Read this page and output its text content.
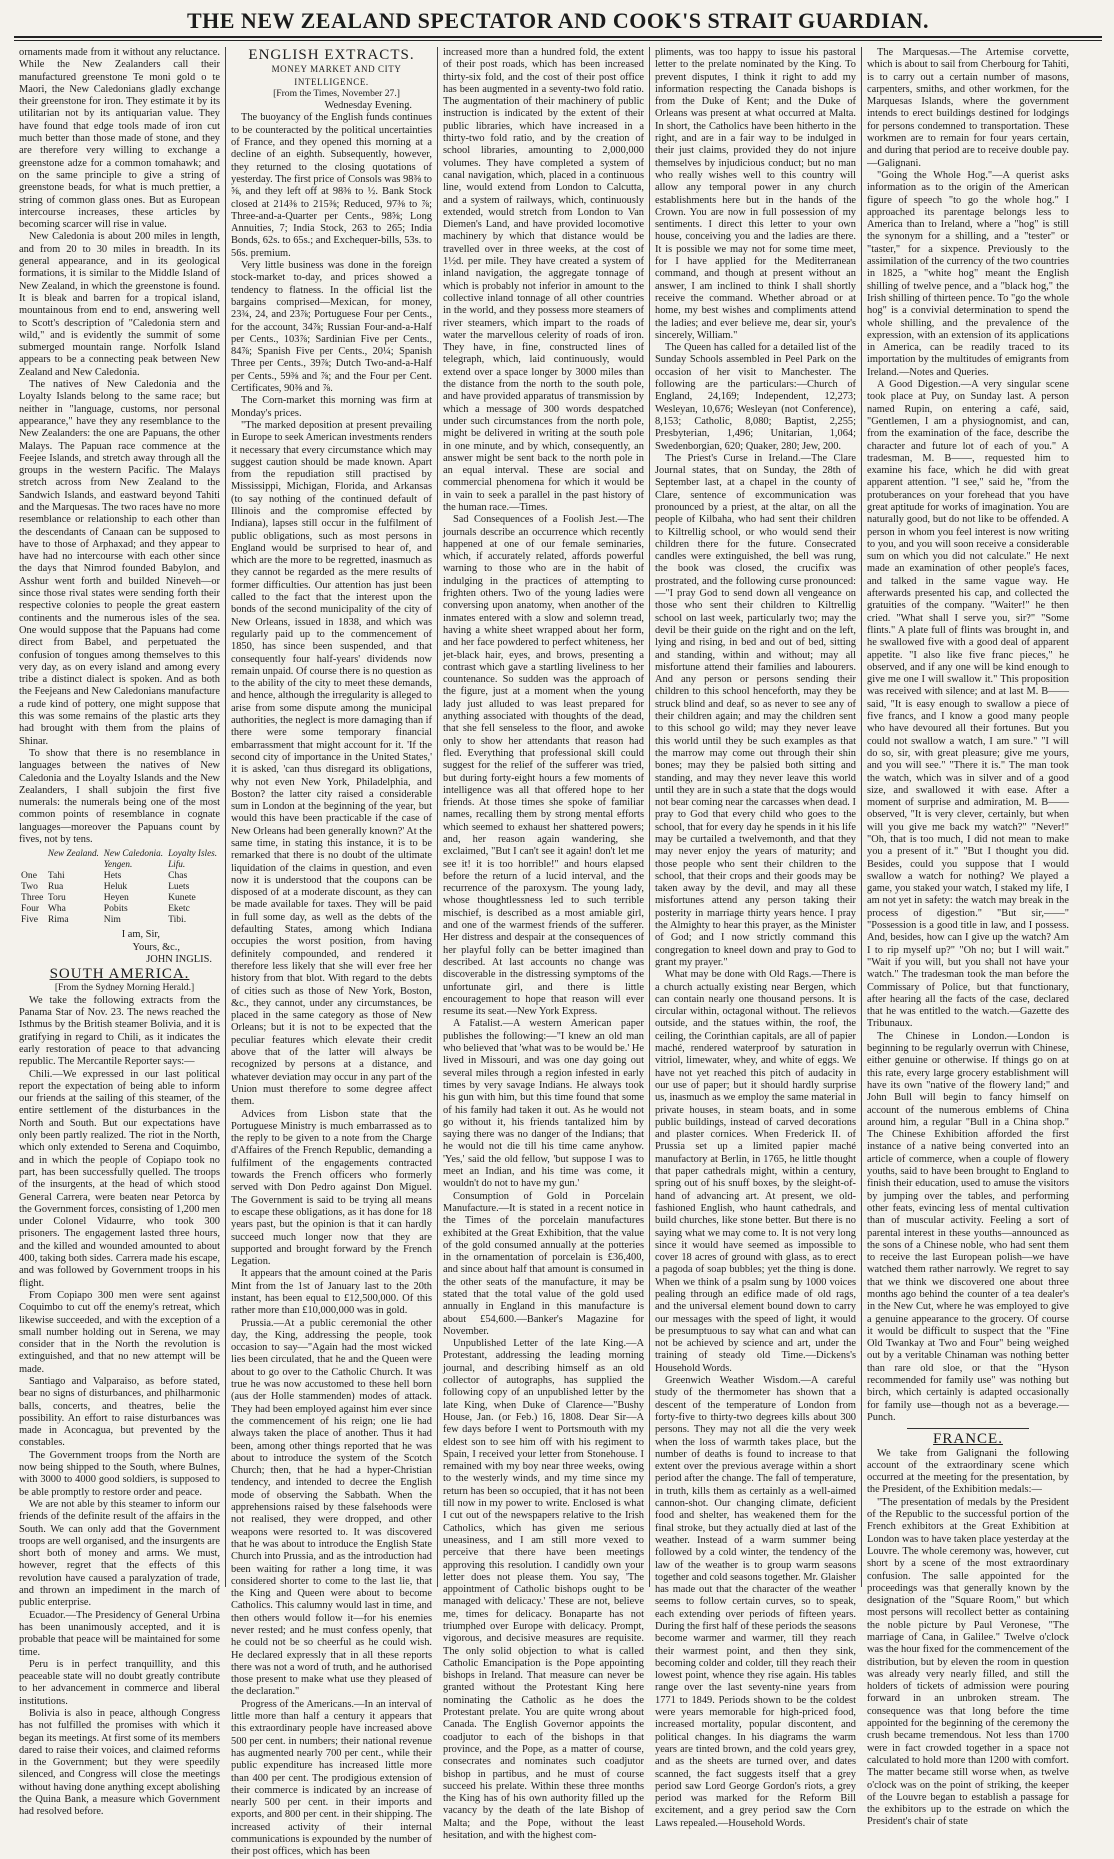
THE NEW ZEALAND SPECTATOR AND COOK'S STRAIT GUARDIAN.

ornaments made from it without any reluctance. While the New Zealanders call their manufactured greenstone Te moni gold o te Maori, the New Caledonians gladly exchange their greenstone for iron. They estimate it by its utilitarian not by its antiquarian value. They have found that edge tools made of iron cut much better than those made of stone, and they are therefore very willing to exchange a greenstone adze for a common tomahawk; and on the same principle to give a string of greenstone beads, for what is much prettier, a string of common glass ones. But as European intercourse increases, these articles by becoming scarcer will rise in value.

New Caledonia is about 200 miles in length, and from 20 to 30 miles in breadth. In its general appearance, and in its geological formations, it is similar to the Middle Island of New Zealand, in which the greenstone is found. It is bleak and barren for a tropical island, mountainous from end to end, answering well to Scott's description of "Caledonia stern and wild," and is evidently the summit of some submerged mountain range. Norfolk Island appears to be a connecting peak between New Zealand and New Caledonia.

The natives of New Caledonia and the Loyalty Islands belong to the same race; but neither in "language, customs, nor personal appearance," have they any resemblance to the New Zealanders: the one are Papuans, the other Malays. The Papuan race commence at the Feejee Islands, and stretch away through all the groups in the western Pacific. The Malays stretch across from New Zealand to the Sandwich Islands, and eastward beyond Tahiti and the Marquesas. The two races have no more resemblance or relationship to each other than the descendants of Canaan can be supposed to have to those of Arphaxad; and they appear to have had no intercourse with each other since the days that Nimrod founded Babylon, and Asshur went forth and builded Nineveh—or since those rival states were sending forth their respective colonies to people the great eastern continents and the numerous isles of the sea. One would suppose that the Papuans had come direct from Babel, and perpetuated the confusion of tongues among themselves to this very day, as on every island and among every tribe a distinct dialect is spoken. And as both the Feejeans and New Caledonians manufacture a rude kind of pottery, one might suppose that this was some remains of the plastic arts they had brought with them from the plains of Shinar.

To show that there is no resemblance in languages between the natives of New Caledonia and the Loyalty Islands and the New Zealanders, I shall subjoin the first five numerals: the numerals being one of the most common points of resemblance in cognate languages—moreover the Papuans count by fives, not by tens.

	New Zealand.	New Caledonia.	Loyalty Isles.
		Yengen.	Lifu.
One	Tahi	Hets	Chas
Two	Rua	Heluk	Luets
Three	Toru	Heyen	Kunete
Four	Wha	Pobits	Eketc
Five	Rima	Nim	Tibi.

I am, Sir,

Yours, &c.,

JOHN INGLIS.

SOUTH AMERICA.

[From the Sydney Morning Herald.]

We take the following extracts from the Panama Star of Nov. 23. The news reached the Isthmus by the British steamer Bolivia, and it is gratifying in regard to Chili, as it indicates the early restoration of peace to that advancing republic. The Mercantile Reporter says:—

Chili.—We expressed in our last political report the expectation of being able to inform our friends at the sailing of this steamer, of the entire settlement of the disturbances in the North and South. But our expectations have only been partly realized. The riot in the North, which only extended to Serena and Coquimbo, and in which the people of Copiapo took no part, has been successfully quelled. The troops of the insurgents, at the head of which stood General Carrera, were beaten near Petorca by the Government forces, consisting of 1,200 men under Colonel Vidaurre, who took 300 prisoners. The engagement lasted three hours, and the killed and wounded amounted to about 400, taking both sides. Carrera made his escape, and was followed by Government troops in his flight.

From Copiapo 300 men were sent against Coquimbo to cut off the enemy's retreat, which likewise succeeded, and with the exception of a small number holding out in Serena, we may consider that in the North the revolution is extinguished, and that no new attempt will be made.

Santiago and Valparaiso, as before stated, bear no signs of disturbances, and philharmonic balls, concerts, and theatres, belie the possibility. An effort to raise disturbances was made in Aconcagua, but prevented by the constables.

The Government troops from the North are now being shipped to the South, where Bulnes, with 3000 to 4000 good soldiers, is supposed to be able promptly to restore order and peace.

We are not able by this steamer to inform our friends of the definite result of the affairs in the South. We can only add that the Government troops are well organised, and the insurgents are short both of money and arms. We must, however, regret that the effects of this revolution have caused a paralyzation of trade, and thrown an impediment in the march of public enterprise.

Ecuador.—The Presidency of General Urbina has been unanimously accepted, and it is probable that peace will be maintained for some time.

Peru is in perfect tranquillity, and this peaceable state will no doubt greatly contribute to her advancement in commerce and liberal institutions.

Bolivia is also in peace, although Congress has not fulfilled the promises with which it began its meetings. At first some of its members dared to raise their voices, and claimed reforms in the Government; but they were speedily silenced, and Congress will close the meetings without having done anything except abolishing the Quina Bank, a measure which Government had resolved before.

ENGLISH EXTRACTS.

MONEY MARKET AND CITY INTELLIGENCE.

[From the Times, November 27.]

Wednesday Evening.

The buoyancy of the English funds continues to be counteracted by the political uncertainties of France, and they opened this morning at a decline of an eighth. Subsequently, however, they returned to the closing quotations of yesterday. The first price of Consols was 98⅜ to ⅝, and they left off at 98⅜ to ½. Bank Stock closed at 214⅜ to 215⅜; Reduced, 97⅜ to ⅞; Three-and-a-Quarter per Cents., 98⅝; Long Annuities, 7; India Stock, 263 to 265; India Bonds, 62s. to 65s.; and Exchequer-bills, 53s. to 56s. premium.

Very little business was done in the foreign stock-market to-day, and prices showed a tendency to flatness. In the official list the bargains comprised—Mexican, for money, 23¾, 24, and 23⅞; Portuguese Four per Cents., for the account, 34⅞; Russian Four-and-a-Half per Cents., 103⅞; Sardinian Five per Cents., 84⅞; Spanish Five per Cents., 20¼; Spanish Three per Cents., 39⅞; Dutch Two-and-a-Half per Cents., 59⅜ and ⅞; and the Four per Cent. Certificates, 90⅜ and ⅞.

The Corn-market this morning was firm at Monday's prices.

"The marked deposition at present prevailing in Europe to seek American investments renders it necessary that every circumstance which may suggest caution should be made known. Apart from the repudiation still practised by Mississippi, Michigan, Florida, and Arkansas (to say nothing of the continued default of Illinois and the compromise effected by Indiana), lapses still occur in the fulfilment of public obligations, such as most persons in England would be surprised to hear of, and which are the more to be regretted, inasmuch as they cannot be regarded as the mere results of former difficulties. Our attention has just been called to the fact that the interest upon the bonds of the second municipality of the city of New Orleans, issued in 1838, and which was regularly paid up to the commencement of 1850, has since been suspended, and that consequently four half-years' dividends now remain unpaid. Of course there is no question as to the ability of the city to meet these demands, and hence, although the irregularity is alleged to arise from some dispute among the municipal authorities, the neglect is more damaging than if there were some temporary financial embarrassment that might account for it. 'If the second city of importance in the United States,' it is asked, 'can thus disregard its obligations, why not even New York, Philadelphia, and Boston? the latter city raised a considerable sum in London at the beginning of the year, but would this have been practicable if the case of New Orleans had been generally known?' At the same time, in stating this instance, it is to be remarked that there is no doubt of the ultimate liquidation of the claims in question, and even now it is understood that the coupons can be disposed of at a moderate discount, as they can be made available for taxes. They will be paid in full some day, as well as the debts of the defaulting States, among which Indiana occupies the worst position, from having definitely compounded, and rendered it therefore less likely that she will ever free her history from that blot. With regard to the debts of cities such as those of New York, Boston, &c., they cannot, under any circumstances, be placed in the same category as those of New Orleans; but it is not to be expected that the peculiar features which elevate their credit above that of the latter will always be recognized by persons at a distance, and whatever deviation may occur in any part of the Union must therefore to some degree affect them.

Advices from Lisbon state that the Portuguese Ministry is much embarrassed as to the reply to be given to a note from the Charge d'Affaires of the French Republic, demanding a fulfilment of the engagements contracted towards the French officers who formerly served with Don Pedro against Don Miguel. The Government is said to be trying all means to escape these obligations, as it has done for 18 years past, but the opinion is that it can hardly succeed much longer now that they are supported and brought forward by the French Legation.

It appears that the amount coined at the Paris Mint from the 1st of January last to the 20th instant, has been equal to £12,500,000. Of this rather more than £10,000,000 was in gold.

Prussia.—At a public ceremonial the other day, the King, addressing the people, took occasion to say—"Again had the most wicked lies been circulated, that he and the Queen were about to go over to the Catholic Church. It was true he was now accustomed to these hell born (aus der Holle stammenden) modes of attack. They had been employed against him ever since the commencement of his reign; one lie had always taken the place of another. Thus it had been, among other things reported that he was about to introduce the system of the Scotch Church; then, that he had a hyper-Christian tendency, and intended to decree the English mode of observing the Sabbath. When the apprehensions raised by these falsehoods were not realised, they were dropped, and other weapons were resorted to. It was discovered that he was about to introduce the English State Church into Prussia, and as the introduction had been waiting for rather a long time, it was considered shorter to come to the last lie, that the King and Queen were about to become Catholics. This calumny would last in time, and then others would follow it—for his enemies never rested; and he must confess openly, that he could not be so cheerful as he could wish. He declared expressly that in all these reports there was not a word of truth, and he authorised those present to make what use they pleased of the declaration."

Progress of the Americans.—In an interval of little more than half a century it appears that this extraordinary people have increased above 500 per cent. in numbers; their national revenue has augmented nearly 700 per cent., while their public expenditure has increased little more than 400 per cent. The prodigious extension of their commerce is indicated by an increase of nearly 500 per cent. in their imports and exports, and 800 per cent. in their shipping. The increased activity of their internal communications is expounded by the number of their post offices, which has been

increased more than a hundred fold, the extent of their post roads, which has been increased thirty-six fold, and the cost of their post office has been augmented in a seventy-two fold ratio. The augmentation of their machinery of public instruction is indicated by the extent of their public libraries, which have increased in a thirty-two fold ratio, and by the creation of school libraries, amounting to 2,000,000 volumes. They have completed a system of canal navigation, which, placed in a continuous line, would extend from London to Calcutta, and a system of railways, which, continuously extended, would stretch from London to Van Diemen's Land, and have provided locomotive machinery by which that distance would be travelled over in three weeks, at the cost of 1½d. per mile. They have created a system of inland navigation, the aggregate tonnage of which is probably not inferior in amount to the collective inland tonnage of all other countries in the world, and they possess more steamers of river steamers, which impart to the roads of water the marvellous celerity of roads of iron. They have, in fine, constructed lines of telegraph, which, laid continuously, would extend over a space longer by 3000 miles than the distance from the north to the south pole, and have provided apparatus of transmission by which a message of 300 words despatched under such circumstances from the north pole, might be delivered in writing at the south pole in one minute, and by which, consequently, an answer might be sent back to the north pole in an equal interval. These are social and commercial phenomena for which it would be in vain to seek a parallel in the past history of the human race.—Times.

Sad Consequences of a Foolish Jest.—The journals describe an occurrence which recently happened at one of our female seminaries, which, if accurately related, affords powerful warning to those who are in the habit of indulging in the practices of attempting to frighten others. Two of the young ladies were conversing upon anatomy, when another of the inmates entered with a slow and solemn tread, having a white sheet wrapped about her form, and her face powdered to perfect whiteness, her jet-black hair, eyes, and brows, presenting a contrast which gave a startling liveliness to her countenance. So sudden was the approach of the figure, just at a moment when the young lady just alluded to was least prepared for anything associated with thoughts of the dead, that she fell senseless to the floor, and awoke only to show her attendants that reason had fled. Everything that professional skill could suggest for the relief of the sufferer was tried, but during forty-eight hours a few moments of intelligence was all that offered hope to her friends. At those times she spoke of familiar names, recalling them by strong mental efforts which seemed to exhaust her shattered powers; and, her reason again wandering, she exclaimed, "But I can't see it again! don't let me see it! it is too horrible!" and hours elapsed before the return of a lucid interval, and the recurrence of the paroxysm. The young lady, whose thoughtlessness led to such terrible mischief, is described as a most amiable girl, and one of the warmest friends of the sufferer. Her distress and despair at the consequences of her playful folly can be better imagined than described. At last accounts no change was discoverable in the distressing symptoms of the unfortunate girl, and there is little encouragement to hope that reason will ever resume its seat.—New York Express.

A Fatalist.—A western American paper publishes the following:—"I knew an old man who believed that 'what was to be would be.' He lived in Missouri, and was one day going out several miles through a region infested in early times by very savage Indians. He always took his gun with him, but this time found that some of his family had taken it out. As he would not go without it, his friends tantalized him by saying there was no danger of the Indians; that he would not die till his time came anyhow. 'Yes,' said the old fellow, 'but suppose I was to meet an Indian, and his time was come, it wouldn't do not to have my gun.'

Consumption of Gold in Porcelain Manufacture.—It is stated in a recent notice in the Times of the porcelain manufactures exhibited at the Great Exhibition, that the value of the gold consumed annually at the potteries in the ornamentation of porcelain is £36,400, and since about half that amount is consumed in the other seats of the manufacture, it may be stated that the total value of the gold used annually in England in this manufacture is about £54,600.—Banker's Magazine for November.

Unpublished Letter of the late King.—A Protestant, addressing the leading morning journal, and describing himself as an old collector of autographs, has supplied the following copy of an unpublished letter by the late King, when Duke of Clarence—"Bushy House, Jan. (or Feb.) 16, 1808. Dear Sir—A few days before I went to Portsmouth with my eldest son to see him off with his regiment to Spain, I received your letter from Stonehouse. I remained with my boy near three weeks, owing to the westerly winds, and my time since my return has been so occupied, that it has not been till now in my power to write. Enclosed is what I cut out of the newspapers relative to the Irish Catholics, which has given me serious uneasiness, and I am still more vexed to perceive that there have been meetings approving this resolution. I candidly own your letter does not please them. You say, 'The appointment of Catholic bishops ought to be managed with delicacy.' These are not, believe me, times for delicacy. Bonaparte has not triumphed over Europe with delicacy. Prompt, vigorous, and decisive measures are requisite. The only solid objection to what is called Catholic Emancipation is the Pope appointing bishops in Ireland. That measure can never be granted without the Protestant King here nominating the Catholic as he does the Protestant prelate. You are quite wrong about Canada. The English Governor appoints the coadjutor to each of the bishops in that province, and the Pope, as a matter of course, consecrates and nominates such coadjutor bishop in partibus, and he must of course succeed his prelate. Within these three months the King has of his own authority filled up the vacancy by the death of the late Bishop of Malta; and the Pope, without the least hesitation, and with the highest com-

pliments, was too happy to issue his pastoral letter to the prelate nominated by the King. To prevent disputes, I think it right to add my information respecting the Canada bishops is from the Duke of Kent; and the Duke of Orleans was present at what occurred at Malta. In short, the Catholics have been hitherto in the right, and are in a fair way to be indulged in their just claims, provided they do not injure themselves by injudicious conduct; but no man who really wishes well to this country will allow any temporal power in any church establishments here but in the hands of the Crown. You are now in full possession of my sentiments. I direct this letter to your own house, conceiving you and the ladies are there. It is possible we may not for some time meet, for I have applied for the Mediterranean command, and though at present without an answer, I am inclined to think I shall shortly receive the command. Whether abroad or at home, my best wishes and compliments attend the ladies; and ever believe me, dear sir, your's sincerely, William."

The Queen has called for a detailed list of the Sunday Schools assembled in Peel Park on the occasion of her visit to Manchester. The following are the particulars:—Church of England, 24,169; Independent, 12,273; Wesleyan, 10,676; Wesleyan (not Conference), 8,153; Catholic, 8,080; Baptist, 2,255; Presbyterian, 1,496; Unitarian, 1,064; Swedenborgian, 620; Quaker, 280; Jew, 200.

The Priest's Curse in Ireland.—The Clare Journal states, that on Sunday, the 28th of September last, at a chapel in the county of Clare, sentence of excommunication was pronounced by a priest, at the altar, on all the people of Kilbaha, who had sent their children to Kiltrellig school, or who would send their children there for the future. Consecrated candles were extinguished, the bell was rung, the book was closed, the crucifix was prostrated, and the following curse pronounced:—"I pray God to send down all vengeance on those who sent their children to Kiltrellig school on last week, particularly two; may the devil be their guide on the right and on the left, lying and rising, in bed and out of bed, sitting and standing, within and without; may all misfortune attend their families and labourers. And any person or persons sending their children to this school henceforth, may they be struck blind and deaf, so as never to see any of their children again; and may the children sent to this school go wild; may they never leave this world until they be such examples as that the marrow may come out through their shin bones; may they be palsied both sitting and standing, and may they never leave this world until they are in such a state that the dogs would not bear coming near the carcasses when dead. I pray to God that every child who goes to the school, that for every day he spends in it his life may be curtailed a twelvemonth, and that they may never enjoy the years of maturity; and those people who sent their children to the school, that their crops and their goods may be taken away by the devil, and may all these misfortunes attend any person taking their posterity in marriage thirty years hence. I pray the Almighty to hear this prayer, as the Minister of God; and I now strictly command this congregation to kneel down and pray to God to grant my prayer."

What may be done with Old Rags.—There is a church actually existing near Bergen, which can contain nearly one thousand persons. It is circular within, octagonal without. The relievos outside, and the statues within, the roof, the ceiling, the Corinthian capitals, are all of papier maché, rendered waterproof by saturation in vitriol, limewater, whey, and white of eggs. We have not yet reached this pitch of audacity in our use of paper; but it should hardly surprise us, inasmuch as we employ the same material in private houses, in steam boats, and in some public buildings, instead of carved decorations and plaster cornices. When Frederick II. of Prussia set up a limited papier maché manufactory at Berlin, in 1765, he little thought that paper cathedrals might, within a century, spring out of his snuff boxes, by the sleight-of-hand of advancing art. At present, we old-fashioned English, who haunt cathedrals, and build churches, like stone better. But there is no saying what we may come to. It is not very long since it would have seemed as impossible to cover 18 acres of ground with glass, as to erect a pagoda of soap bubbles; yet the thing is done. When we think of a psalm sung by 1000 voices pealing through an edifice made of old rags, and the universal element bound down to carry our messages with the speed of light, it would be presumptuous to say what can and what can not be achieved by science and art, under the training of steady old Time.—Dickens's Household Words.

Greenwich Weather Wisdom.—A careful study of the thermometer has shown that a descent of the temperature of London from forty-five to thirty-two degrees kills about 300 persons. They may not all die the very week when the loss of warmth takes place, but the number of deaths is found to increase to that extent over the previous average within a short period after the change. The fall of temperature, in truth, kills them as certainly as a well-aimed cannon-shot. Our changing climate, deficient food and shelter, has weakened them for the final stroke, but they actually died at last of the weather. Instead of a warm summer being followed by a cold winter, the tendency of the law of the weather is to group warm seasons together and cold seasons together. Mr. Glaisher has made out that the character of the weather seems to follow certain curves, so to speak, each extending over periods of fifteen years. During the first half of these periods the seasons become warmer and warmer, till they reach their warmest point, and then they sink, becoming colder and colder, till they reach their lowest point, whence they rise again. His tables range over the last seventy-nine years from 1771 to 1849. Periods shown to be the coldest were years memorable for high-priced food, increased mortality, popular discontent, and political changes. In his diagrams the warm years are tinted brown, and the cold years grey, and as the sheets are turned over, and dates scanned, the fact suggests itself that a grey period saw Lord George Gordon's riots, a grey period was marked for the Reform Bill excitement, and a grey period saw the Corn Laws repealed.—Household Words.

The Marquesas.—The Artemise corvette, which is about to sail from Cherbourg for Tahiti, is to carry out a certain number of masons, carpenters, smiths, and other workmen, for the Marquesas Islands, where the government intends to erect buildings destined for lodgings for persons condemned to transportation. These workmen are to remain for four years certain, and during that period are to receive double pay.—Galignani.

"Going the Whole Hog."—A querist asks information as to the origin of the American figure of speech "to go the whole hog." I approached its parentage belongs less to America than to Ireland, where a "hog" is still the synonym for a shilling, and a "tester" or "taster," for a sixpence. Previously to the assimilation of the currency of the two countries in 1825, a "white hog" meant the English shilling of twelve pence, and a "black hog," the Irish shilling of thirteen pence. To "go the whole hog" is a convivial determination to spend the whole shilling, and the prevalence of the expression, with an extension of its applications in America, can be readily traced to its importation by the multitudes of emigrants from Ireland.—Notes and Queries.

A Good Digestion.—A very singular scene took place at Puy, on Sunday last. A person named Rupin, on entering a café, said, "Gentlemen, I am a physiognomist, and can, from the examination of the face, describe the character and future lot of each of you." A tradesman, M. B——, requested him to examine his face, which he did with great apparent attention. "I see," said he, "from the protuberances on your forehead that you have great aptitude for works of imagination. You are naturally good, but do not like to be offended. A person in whom you feel interest is now writing to you, and you will soon receive a considerable sum on which you did not calculate." He next made an examination of other people's faces, and talked in the same vague way. He afterwards presented his cap, and collected the gratuities of the company. "Waiter!" he then cried. "What shall I serve you, sir?" "Some flints." A plate full of flints was brought in, and he swallowed five with a good deal of apparent appetite. "I also like five franc pieces," he observed, and if any one will be kind enough to give me one I will swallow it." This proposition was received with silence; and at last M. B—— said, "It is easy enough to swallow a piece of five francs, and I know a good many people who have devoured all their fortunes. But you could not swallow a watch, I am sure." "I will do so, sir, with great pleasure; give me yours, and you will see." "There it is." The man took the watch, which was in silver and of a good size, and swallowed it with ease. After a moment of surprise and admiration, M. B—— observed, "It is very clever, certainly, but when will you give me back my watch?" "Never!" "Oh, that is too much, I did not mean to make you a present of it." "But I thought you did. Besides, could you suppose that I would swallow a watch for nothing? We played a game, you staked your watch, I staked my life, I am not yet in safety: the watch may break in the process of digestion." "But sir,——" "Possession is a good title in law, and I possess. And, besides, how can I give up the watch? Am I to rip myself up?" "Oh no; but I will wait." "Wait if you will, but you shall not have your watch." The tradesman took the man before the Commissary of Police, but that functionary, after hearing all the facts of the case, declared that he was entitled to the watch.—Gazette des Tribunaux.

The Chinese in London.—London is beginning to be regularly overrun with Chinese, either genuine or otherwise. If things go on at this rate, every large grocery establishment will have its own "native of the flowery land;" and John Bull will begin to fancy himself on account of the numerous emblems of China around him, a regular "Bull in a China shop." The Chinese Exhibition afforded the first instance of a native being converted into an article of commerce, when a couple of flowery youths, said to have been brought to England to finish their education, used to amuse the visitors by jumping over the tables, and performing other feats, evincing less of mental cultivation than of muscular activity. Feeling a sort of parental interest in these youths—announced as the sons of a Chinese noble, who had sent them to receive the last European polish—we have watched them rather narrowly. We regret to say that we think we discovered one about three months ago behind the counter of a tea dealer's in the New Cut, where he was employed to give a genuine appearance to the grocery. Of course it would be difficult to suspect that the "Fine Old Twankay at Two and Four" being weighed out by a veritable Chinaman was nothing better than rare old sloe, or that the "Hyson recommended for family use" was nothing but birch, which certainly is adapted occasionally for family use—though not as a beverage.—Punch.

FRANCE.

We take from Galignani the following account of the extraordinary scene which occurred at the meeting for the presentation, by the President, of the Exhibition medals:—

"The presentation of medals by the President of the Republic to the successful portion of the French exhibitors at the Great Exhibition at London was to have taken place yesterday at the Louvre. The whole ceremony was, however, cut short by a scene of the most extraordinary confusion. The salle appointed for the proceedings was that generally known by the designation of the "Square Room," but which most persons will recollect better as containing the noble picture by Paul Veronese, "The marriage of Cana, in Galilee." Twelve o'clock was the hour fixed for the commencement of the distribution, but by eleven the room in question was already very nearly filled, and still the holders of tickets of admission were pouring forward in an unbroken stream. The consequence was that long before the time appointed for the beginning of the ceremony the crush became tremendous. Not less than 1700 were in fact crowded together in a space not calculated to hold more than 1200 with comfort. The matter became still worse when, as twelve o'clock was on the point of striking, the keeper of the Louvre began to establish a passage for the exhibitors up to the estrade on which the President's chair of state
